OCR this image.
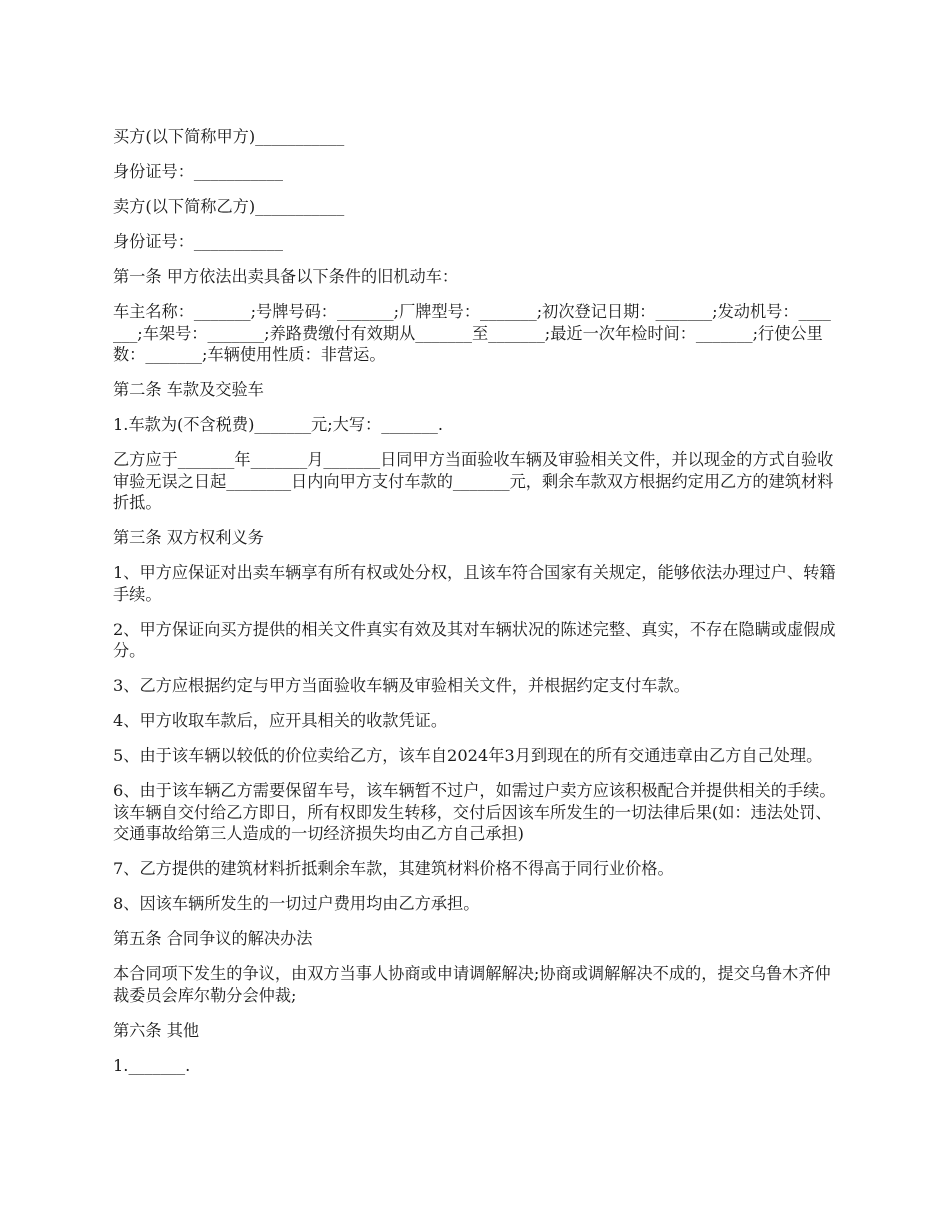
买方(以下简称甲方)___________

身份证号：___________

卖方(以下简称乙方)___________

身份证号：___________

第一条 甲方依法出卖具备以下条件的旧机动车：

车主名称：_______;号牌号码：_______;厂牌型号：_______;初次登记日期：_______;发动机号：_______;车架号：_______;养路费缴付有效期从_______至_______;最近一次年检时间：_______;行使公里数：_______;车辆使用性质：非营运。

第二条 车款及交验车

1.车款为(不含税费)_______元;大写：_______.

乙方应于_______年_______月_______日同甲方当面验收车辆及审验相关文件，并以现金的方式自验收审验无误之日起________日内向甲方支付车款的_______元，剩余车款双方根据约定用乙方的建筑材料折抵。

第三条 双方权利义务

1、甲方应保证对出卖车辆享有所有权或处分权，且该车符合国家有关规定，能够依法办理过户、转籍手续。

2、甲方保证向买方提供的相关文件真实有效及其对车辆状况的陈述完整、真实，不存在隐瞒或虚假成分。

3、乙方应根据约定与甲方当面验收车辆及审验相关文件，并根据约定支付车款。

4、甲方收取车款后，应开具相关的收款凭证。

5、由于该车辆以较低的价位卖给乙方，该车自2024年3月到现在的所有交通违章由乙方自己处理。

6、由于该车辆乙方需要保留车号，该车辆暂不过户，如需过户卖方应该积极配合并提供相关的手续。该车辆自交付给乙方即日，所有权即发生转移，交付后因该车所发生的一切法律后果(如：违法处罚、交通事故给第三人造成的一切经济损失均由乙方自己承担)

7、乙方提供的建筑材料折抵剩余车款，其建筑材料价格不得高于同行业价格。

8、因该车辆所发生的一切过户费用均由乙方承担。

第五条 合同争议的解决办法

本合同项下发生的争议，由双方当事人协商或申请调解解决;协商或调解解决不成的，提交乌鲁木齐仲裁委员会库尔勒分会仲裁;

第六条 其他

1._______.
